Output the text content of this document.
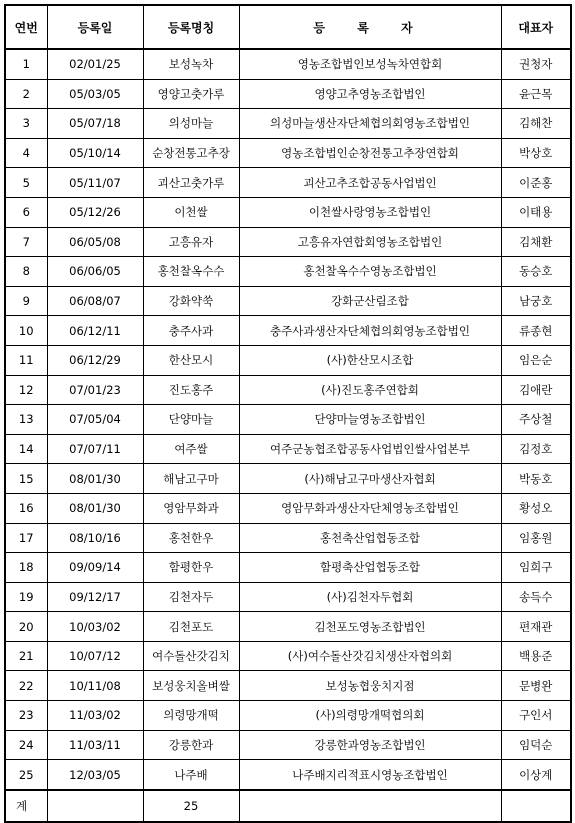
연번	등록일	등록명칭	등 록 자	대표자
1	02/01/25	보성녹차	영농조합법인보성녹차연합회	권청자
2	05/03/05	영양고춧가루	영양고추영농조합법인	윤근목
3	05/07/18	의성마늘	의성마늘생산자단체협의회영농조합법인	김해찬
4	05/10/14	순창전통고추장	영농조합법인순창전통고추장연합회	박상호
5	05/11/07	괴산고춧가루	괴산고추조합공동사업법인	이준홍
6	05/12/26	이천쌀	이천쌀사랑영농조합법인	이태용
7	06/05/08	고흥유자	고흥유자연합회영농조합법인	김채환
8	06/06/05	홍천찰옥수수	홍천찰옥수수영농조합법인	동승호
9	06/08/07	강화약쑥	강화군산림조합	남궁호
10	06/12/11	충주사과	충주사과생산자단체협의회영농조합법인	류종현
11	06/12/29	한산모시	(사)한산모시조합	임은순
12	07/01/23	진도홍주	(사)진도홍주연합회	김애란
13	07/05/04	단양마늘	단양마늘영농조합법인	주상철
14	07/07/11	여주쌀	여주군농협조합공동사업법인쌀사업본부	김정호
15	08/01/30	해남고구마	(사)해남고구마생산자협회	박동호
16	08/01/30	영암무화과	영암무화과생산자단체영농조합법인	황성오
17	08/10/16	홍천한우	홍천축산업협동조합	임홍원
18	09/09/14	함평한우	함평축산업협동조합	임희구
19	09/12/17	김천자두	(사)김천자두협회	송득수
20	10/03/02	김천포도	김천포도영농조합법인	편재관
21	10/07/12	여수돌산갓김치	(사)여수돌산갓김치생산자협의회	백용준
22	10/11/08	보성웅치올벼쌀	보성농협웅치지점	문병완
23	11/03/02	의령망개떡	(사)의령망개떡협의회	구인서
24	11/03/11	강릉한과	강릉한과영농조합법인	임덕순
25	12/03/05	나주배	나주배지리적표시영농조합법인	이상계
계		25		
